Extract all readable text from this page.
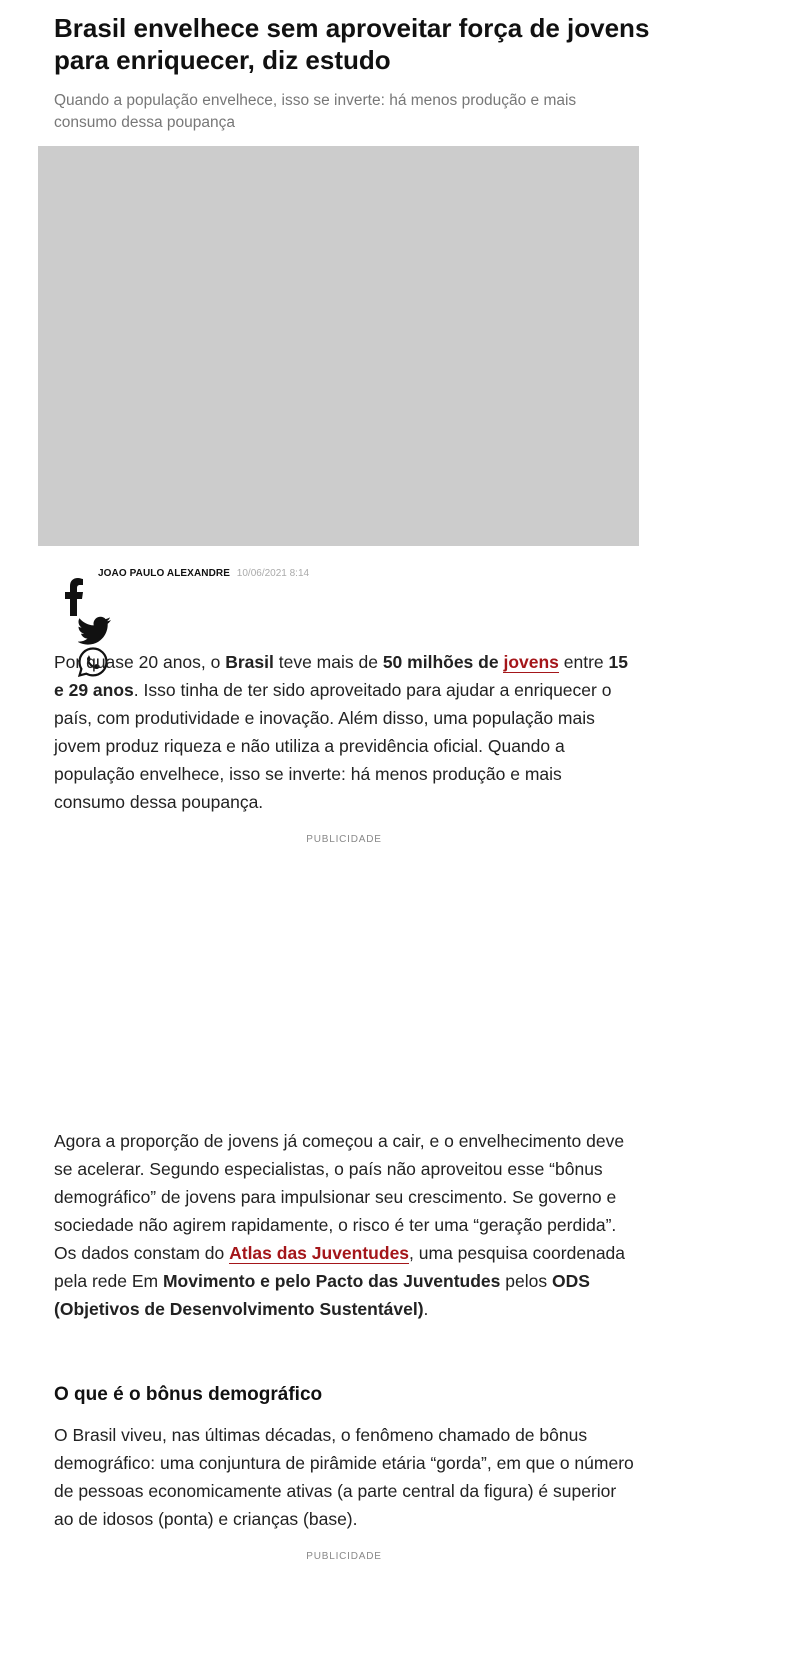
Brasil envelhece sem aproveitar força de jovens para enriquecer, diz estudo

Quando a população envelhece, isso se inverte: há menos produção e mais consumo dessa poupança

JOAO PAULO ALEXANDRE 10/06/2021 8:14

Por quase 20 anos, o Brasil teve mais de 50 milhões de jovens entre 15 e 29 anos. Isso tinha de ter sido aproveitado para ajudar a enriquecer o país, com produtividade e inovação. Além disso, uma população mais jovem produz riqueza e não utiliza a previdência oficial. Quando a população envelhece, isso se inverte: há menos produção e mais consumo dessa poupança.

PUBLICIDADE

Agora a proporção de jovens já começou a cair, e o envelhecimento deve se acelerar. Segundo especialistas, o país não aproveitou esse “bônus demográfico” de jovens para impulsionar seu crescimento. Se governo e sociedade não agirem rapidamente, o risco é ter uma “geração perdida”. Os dados constam do Atlas das Juventudes, uma pesquisa coordenada pela rede Em Movimento e pelo Pacto das Juventudes pelos ODS (Objetivos de Desenvolvimento Sustentável).

O que é o bônus demográfico

O Brasil viveu, nas últimas décadas, o fenômeno chamado de bônus demográfico: uma conjuntura de pirâmide etária “gorda”, em que o número de pessoas economicamente ativas (a parte central da figura) é superior ao de idosos (ponta) e crianças (base).

PUBLICIDADE
